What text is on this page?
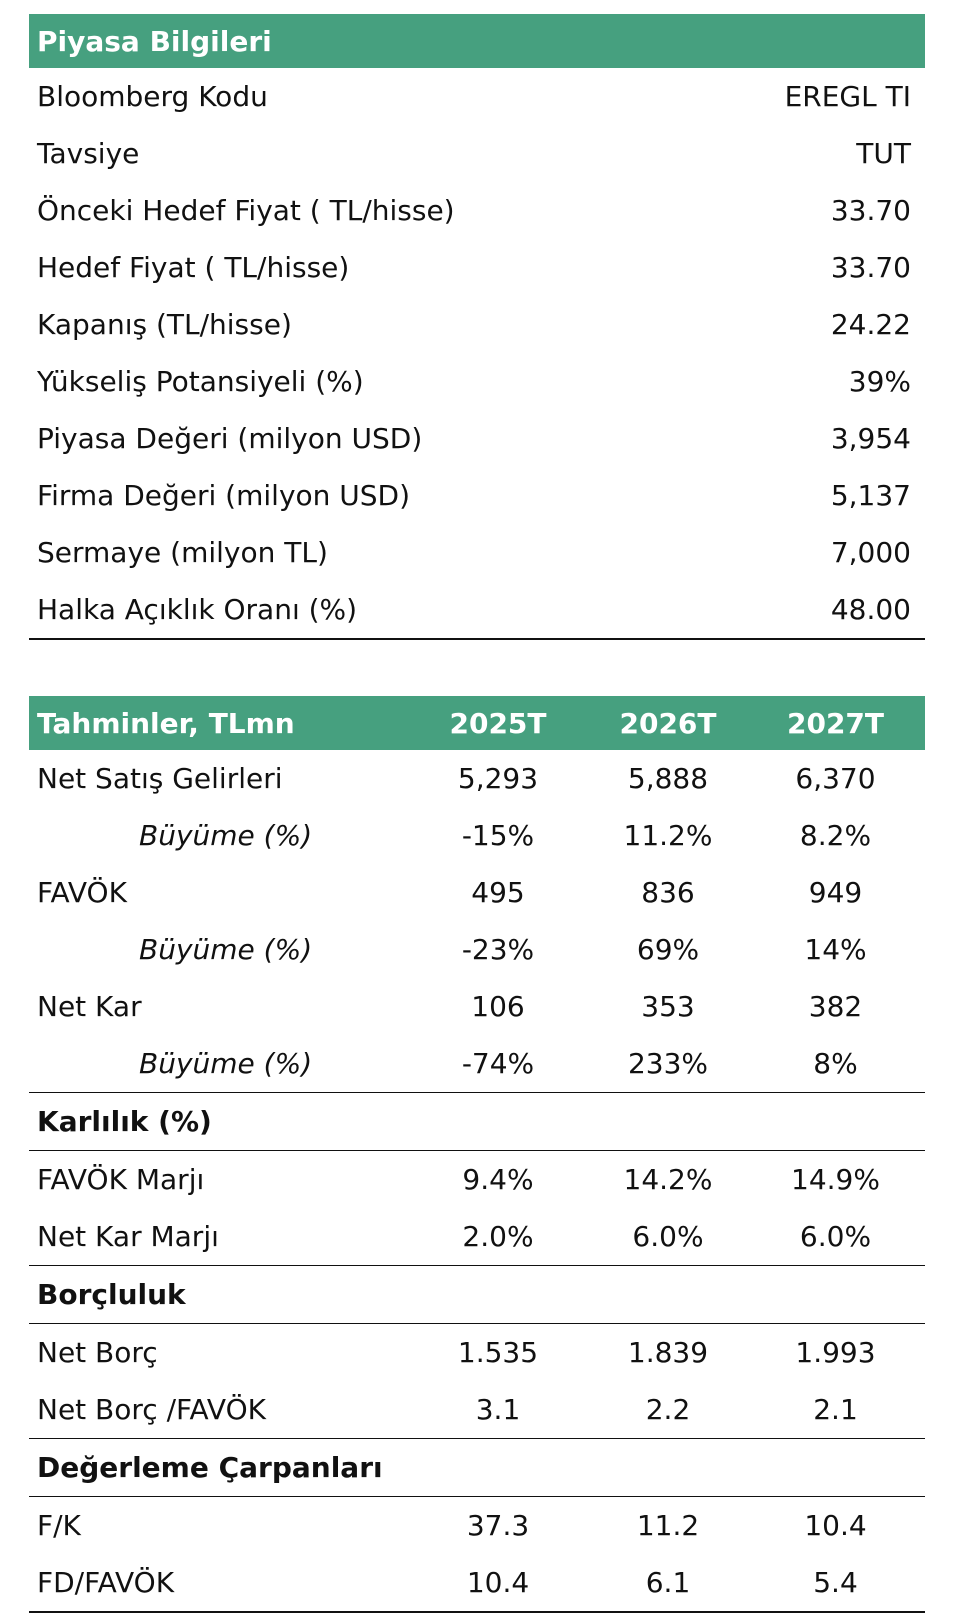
Piyasa Bilgileri
Bloomberg Kodu	EREGL TI
Tavsiye	TUT
Önceki Hedef Fiyat ( TL/hisse)	33.70
Hedef Fiyat ( TL/hisse)	33.70
Kapanış (TL/hisse)	24.22
Yükseliş Potansiyeli (%)	39%
Piyasa Değeri (milyon USD)	3,954
Firma Değeri (milyon USD)	5,137
Sermaye (milyon TL)	7,000
Halka Açıklık Oranı (%)	48.00
Tahminler, TLmn	2025T	2026T	2027T
Net Satış Gelirleri	5,293	5,888	6,370
Büyüme (%)	-15%	11.2%	8.2%
FAVÖK	495	836	949
Büyüme (%)	-23%	69%	14%
Net Kar	106	353	382
Büyüme (%)	-74%	233%	8%
Karlılık (%)
FAVÖK Marjı	9.4%	14.2%	14.9%
Net Kar Marjı	2.0%	6.0%	6.0%
Borçluluk
Net Borç	1.535	1.839	1.993
Net Borç /FAVÖK	3.1	2.2	2.1
Değerleme Çarpanları
F/K	37.3	11.2	10.4
FD/FAVÖK	10.4	6.1	5.4
